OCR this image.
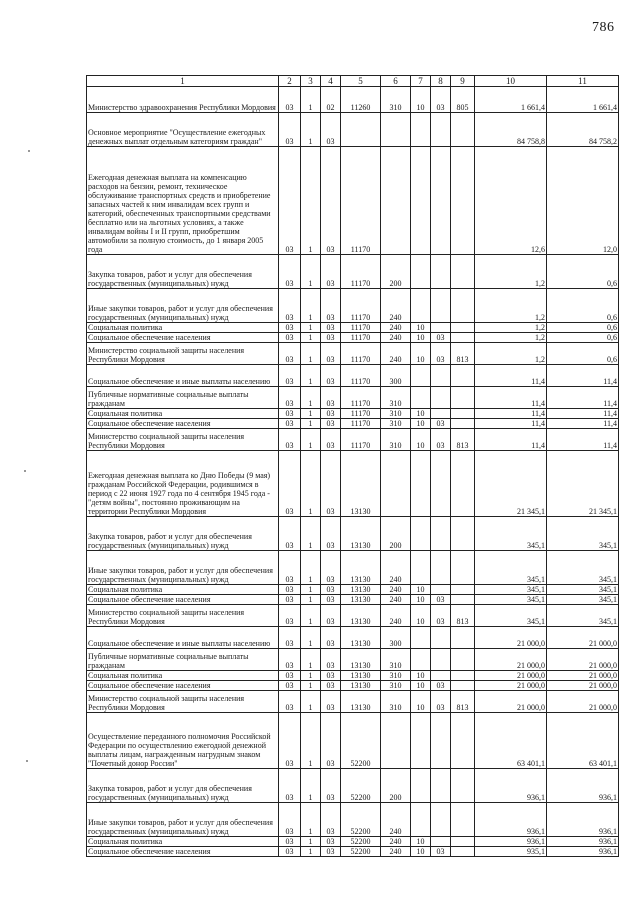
786
1	2	3	4	5	6	7	8	9	10	11
Министерство здравоохранения Республики Мордовия	03	1	02	11260	310	10	03	805	1 661,4	1 661,4
Основное мероприятие "Осуществление ежегодных денежных выплат отдельным категориям граждан"	03	1	03						84 758,8	84 758,2
Ежегодная денежная выплата на компенсацию расходов на бензин, ремонт, техническое обслуживание транспортных средств и приобретение запасных частей к ним инвалидам всех групп и категорий, обеспеченных транспортными средствами бесплатно или на льготных условиях, а также инвалидам войны I и II групп, приобретшим автомобили за полную стоимость, до 1 января 2005 года	03	1	03	11170					12,6	12,0
Закупка товаров, работ и услуг для обеспечения государственных (муниципальных) нужд	03	1	03	11170	200				1,2	0,6
Иные закупки товаров, работ и услуг для обеспечения государственных (муниципальных) нужд	03	1	03	11170	240				1,2	0,6
Социальная политика	03	1	03	11170	240	10			1,2	0,6
Социальное обеспечение населения	03	1	03	11170	240	10	03		1,2	0,6
Министерство социальной защиты населения Республики Мордовия	03	1	03	11170	240	10	03	813	1,2	0,6
Социальное обеспечение и иные выплаты населению	03	1	03	11170	300				11,4	11,4
Публичные нормативные социальные выплаты гражданам	03	1	03	11170	310				11,4	11,4
Социальная политика	03	1	03	11170	310	10			11,4	11,4
Социальное обеспечение населения	03	1	03	11170	310	10	03		11,4	11,4
Министерство социальной защиты населения Республики Мордовия	03	1	03	11170	310	10	03	813	11,4	11,4
Ежегодная денежная выплата ко Дню Победы (9 мая) гражданам Российской Федерации, родившимся в период с 22 июня 1927 года по 4 сентября 1945 года - "детям войны", постоянно проживающим на территории Республики Мордовия	03	1	03	13130					21 345,1	21 345,1
Закупка товаров, работ и услуг для обеспечения государственных (муниципальных) нужд	03	1	03	13130	200				345,1	345,1
Иные закупки товаров, работ и услуг для обеспечения государственных (муниципальных) нужд	03	1	03	13130	240				345,1	345,1
Социальная политика	03	1	03	13130	240	10			345,1	345,1
Социальное обеспечение населения	03	1	03	13130	240	10	03		345,1	345,1
Министерство социальной защиты населения Республики Мордовия	03	1	03	13130	240	10	03	813	345,1	345,1
Социальное обеспечение и иные выплаты населению	03	1	03	13130	300				21 000,0	21 000,0
Публичные нормативные социальные выплаты гражданам	03	1	03	13130	310				21 000,0	21 000,0
Социальная политика	03	1	03	13130	310	10			21 000,0	21 000,0
Социальное обеспечение населения	03	1	03	13130	310	10	03		21 000,0	21 000,0
Министерство социальной защиты населения Республики Мордовия	03	1	03	13130	310	10	03	813	21 000,0	21 000,0
Осуществление переданного полномочия Российской Федерации по осуществлению ежегодной денежной выплаты лицам, награжденным нагрудным знаком "Почетный донор России"	03	1	03	52200					63 401,1	63 401,1
Закупка товаров, работ и услуг для обеспечения государственных (муниципальных) нужд	03	1	03	52200	200				936,1	936,1
Иные закупки товаров, работ и услуг для обеспечения государственных (муниципальных) нужд	03	1	03	52200	240				936,1	936,1
Социальная политика	03	1	03	52200	240	10			936,1	936,1
Социальное обеспечение населения	03	1	03	52200	240	10	03		935,1	936,1
